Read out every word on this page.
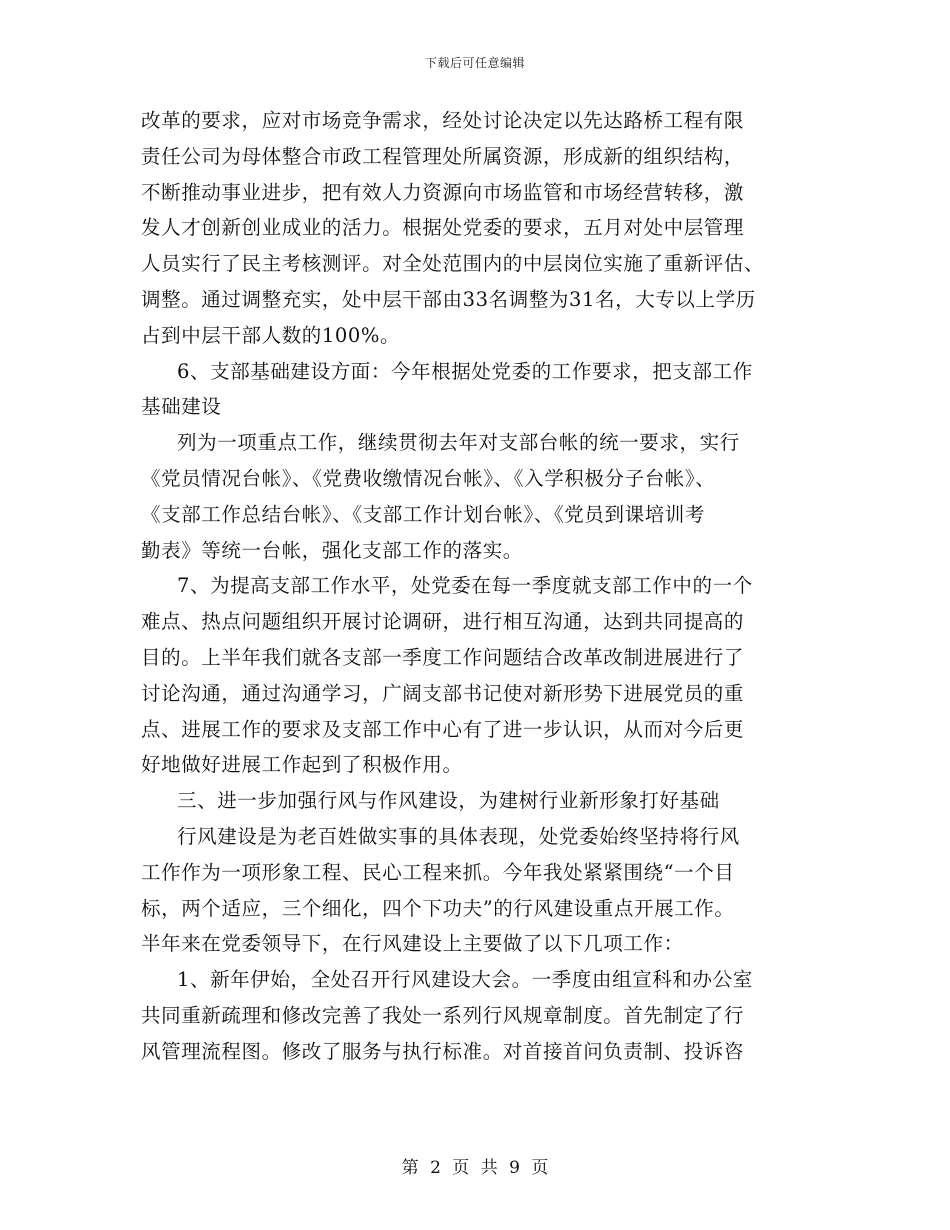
下载后可任意编辑
改革的要求，应对市场竞争需求，经处讨论决定以先达路桥工程有限
责任公司为母体整合市政工程管理处所属资源，形成新的组织结构，
不断推动事业进步，把有效人力资源向市场监管和市场经营转移，激
发人才创新创业成业的活力。根据处党委的要求，五月对处中层管理
人员实行了民主考核测评。对全处范围内的中层岗位实施了重新评估、
调整。通过调整充实，处中层干部由33名调整为31名，大专以上学历
占到中层干部人数的100%。
6、支部基础建设方面：今年根据处党委的工作要求，把支部工作
基础建设
列为一项重点工作，继续贯彻去年对支部台帐的统一要求，实行
《党员情况台帐》、《党费收缴情况台帐》、《入学积极分子台帐》、
《支部工作总结台帐》、《支部工作计划台帐》、《党员到课培训考
勤表》等统一台帐，强化支部工作的落实。
7、为提高支部工作水平，处党委在每一季度就支部工作中的一个
难点、热点问题组织开展讨论调研，进行相互沟通，达到共同提高的
目的。上半年我们就各支部一季度工作问题结合改革改制进展进行了
讨论沟通，通过沟通学习，广阔支部书记使对新形势下进展党员的重
点、进展工作的要求及支部工作中心有了进一步认识，从而对今后更
好地做好进展工作起到了积极作用。
三、进一步加强行风与作风建设，为建树行业新形象打好基础
行风建设是为老百姓做实事的具体表现，处党委始终坚持将行风
工作作为一项形象工程、民心工程来抓。今年我处紧紧围绕“一个目
标，两个适应，三个细化，四个下功夫”的行风建设重点开展工作。
半年来在党委领导下，在行风建设上主要做了以下几项工作：
1、新年伊始，全处召开行风建设大会。一季度由组宣科和办公室
共同重新疏理和修改完善了我处一系列行风规章制度。首先制定了行
风管理流程图。修改了服务与执行标准。对首接首问负责制、投诉咨
第 2 页 共 9 页
